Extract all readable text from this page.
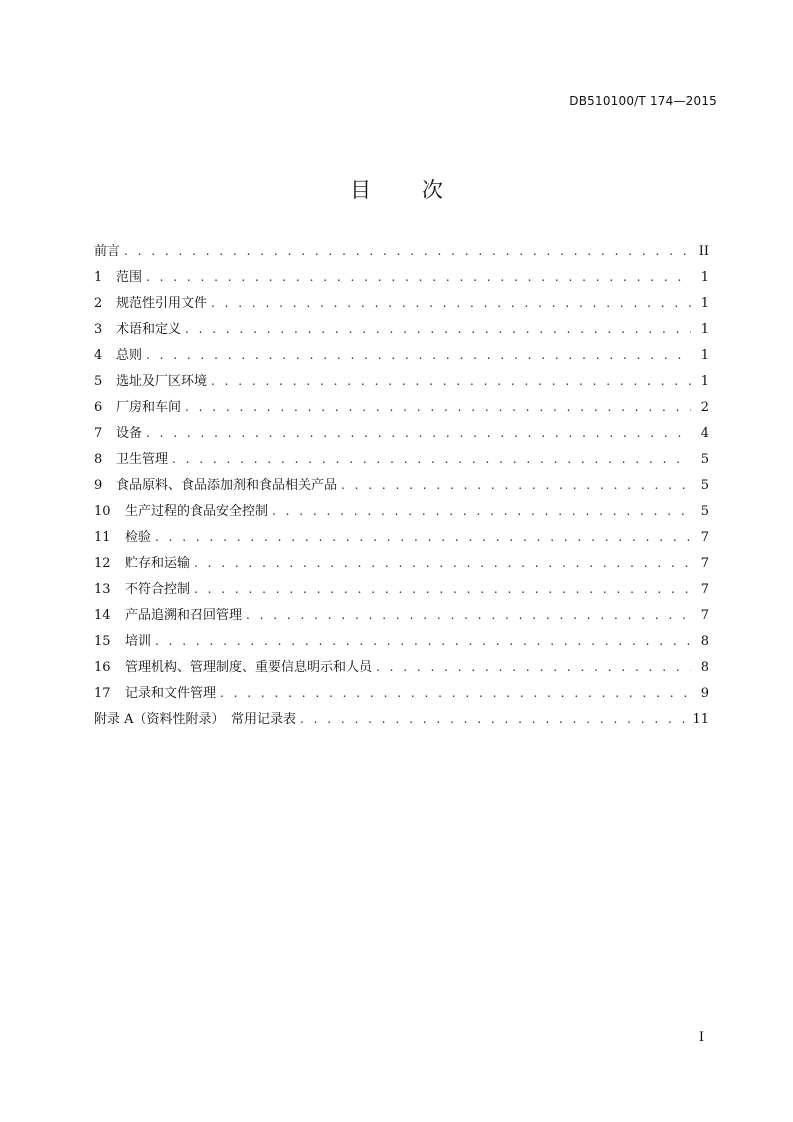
DB510100/T 174—2015
目 次
前言 . . .	II
1	范围 . . .	1
2	规范性引用文件 . . .	1
3	术语和定义 . . .	1
4	总则 . . .	1
5	选址及厂区环境 . . .	1
6	厂房和车间 . . .	2
7	设备 . . .	4
8	卫生管理 . . .	5
9	食品原料、食品添加剂和食品相关产品 . . .	5
10	生产过程的食品安全控制 . . .	5
11	检验 . . .	7
12	贮存和运输 . . .	7
13	不符合控制 . . .	7
14	产品追溯和召回管理 . . .	7
15	培训 . . .	8
16	管理机构、管理制度、重要信息明示和人员 . . .	8
17	记录和文件管理 . . .	9
附录 A（资料性附录）　常用记录表 . . .	11
I
